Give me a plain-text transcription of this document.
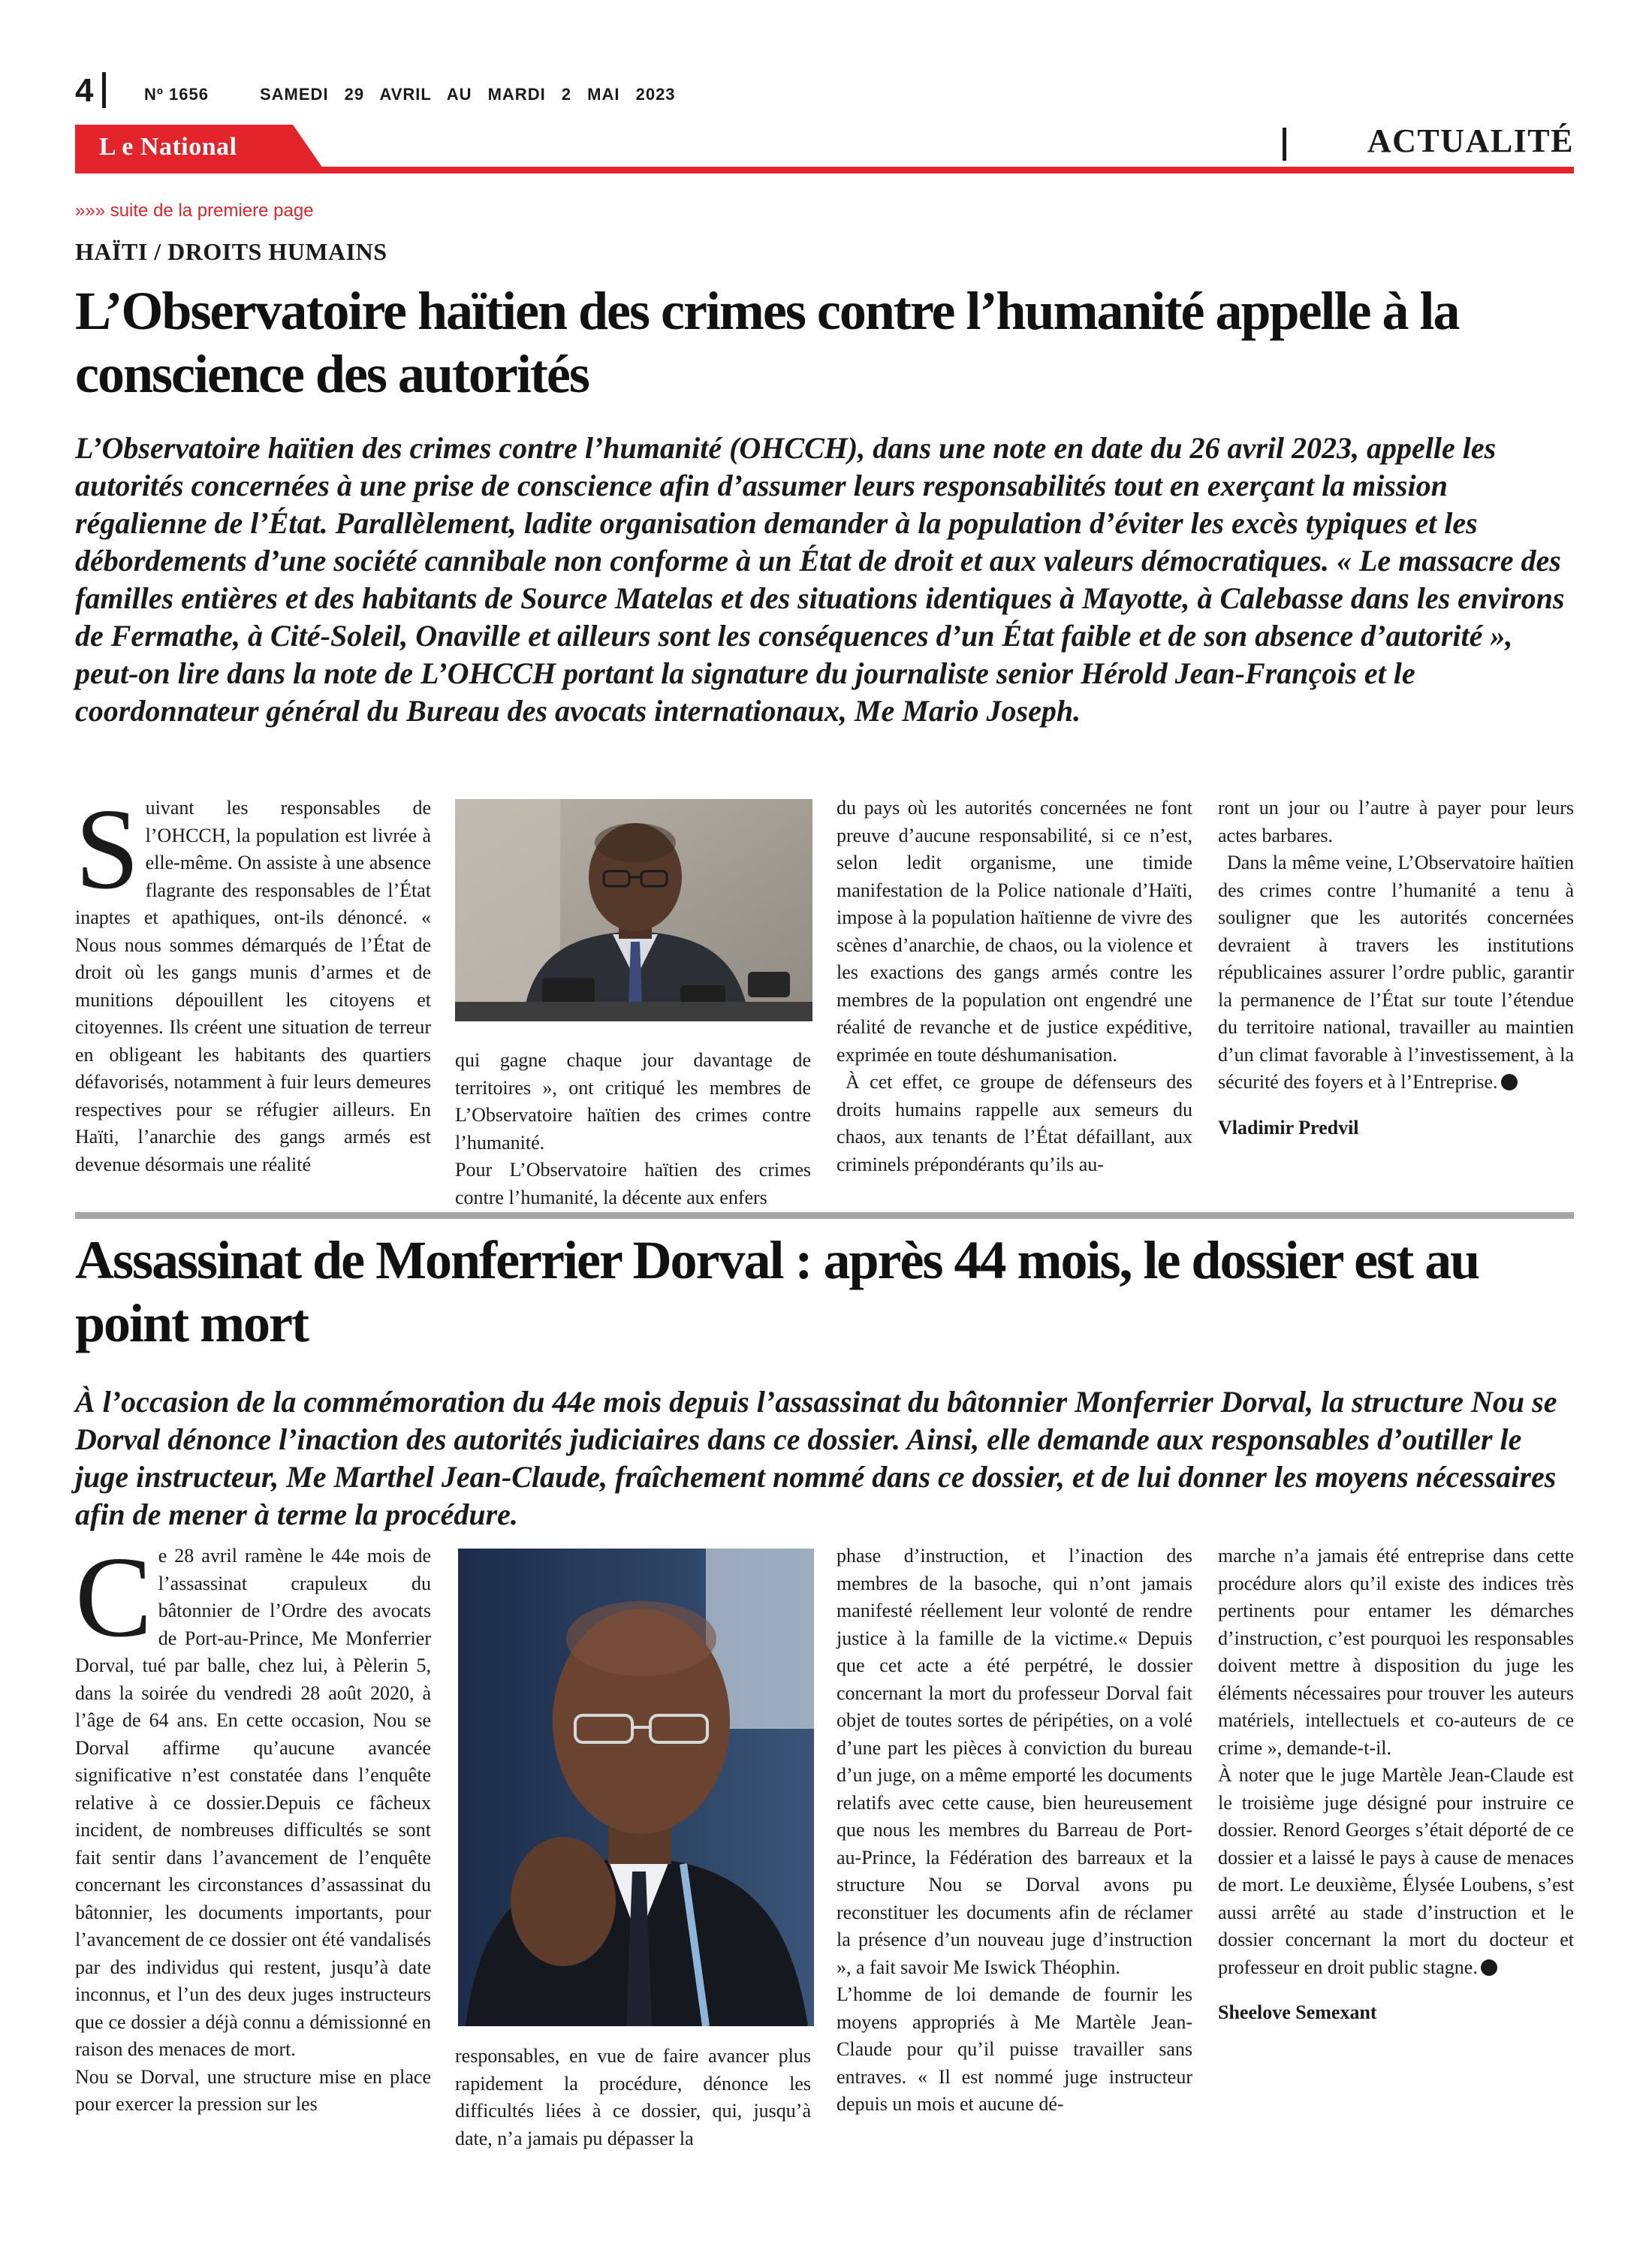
4	Nº 1656	SAMEDI 29 AVRIL AU MARDI 2 MAI 2023
L e National	ACTUALITÉ
»»» suite de la premiere page
HAÏTI / DROITS HUMAINS
L’Observatoire haïtien des crimes contre l’humanité appelle à la conscience des autorités
L’Observatoire haïtien des crimes contre l’humanité (OHCCH), dans une note en date du 26 avril 2023, appelle les autorités concernées à une prise de conscience afin d’assumer leurs responsabilités tout en exerçant la mission régalienne de l’État. Parallèlement, ladite organisation demander à la population d’éviter les excès typiques et les débordements d’une société cannibale non conforme à un État de droit et aux valeurs démocratiques. « Le massacre des familles entières et des habitants de Source Matelas et des situations identiques à Mayotte, à Calebasse dans les environs de Fermathe, à Cité-Soleil, Onaville et ailleurs sont les conséquences d’un État faible et de son absence d’autorité », peut-on lire dans la note de L’OHCCH portant la signature du journaliste senior Hérold Jean-François et le coordonnateur général du Bureau des avocats internationaux, Me Mario Joseph.

Suivant les responsables de l’OHCCH, la population est livrée à elle-même. On assiste à une absence flagrante des responsables de l’État inaptes et apathiques, ont-ils dénoncé. « Nous nous sommes démarqués de l’État de droit où les gangs munis d’armes et de munitions dépouillent les citoyens et citoyennes. Ils créent une situation de terreur en obligeant les habitants des quartiers défavorisés, notamment à fuir leurs demeures respectives pour se réfugier ailleurs. En Haïti, l’anarchie des gangs armés est devenue désormais une réalité

qui gagne chaque jour davantage de territoires », ont critiqué les membres de L’Observatoire haïtien des crimes contre l’humanité.

Pour L’Observatoire haïtien des crimes contre l’humanité, la décente aux enfers

du pays où les autorités concernées ne font preuve d’aucune responsabilité, si ce n’est, selon ledit organisme, une timide manifestation de la Police nationale d’Haïti, impose à la population haïtienne de vivre des scènes d’anarchie, de chaos, ou la violence et les exactions des gangs armés contre les membres de la population ont engendré une réalité de revanche et de justice expéditive, exprimée en toute déshumanisation.

À cet effet, ce groupe de défenseurs des droits humains rappelle aux semeurs du chaos, aux tenants de l’État défaillant, aux criminels prépondérants qu’ils au-

ront un jour ou l’autre à payer pour leurs actes barbares.

Dans la même veine, L’Observatoire haïtien des crimes contre l’humanité a tenu à souligner que les autorités concernées devraient à travers les institutions républicaines assurer l’ordre public, garantir la permanence de l’État sur toute l’étendue du territoire national, travailler au maintien d’un climat favorable à l’investissement, à la sécurité des foyers et à l’Entreprise.

Vladimir Predvil

Assassinat de Monferrier Dorval : après 44 mois, le dossier est au point mort
À l’occasion de la commémoration du 44e mois depuis l’assassinat du bâtonnier Monferrier Dorval, la structure Nou se Dorval dénonce l’inaction des autorités judiciaires dans ce dossier. Ainsi, elle demande aux responsables d’outiller le juge instructeur, Me Marthel Jean-Claude, fraîchement nommé dans ce dossier, et de lui donner les moyens nécessaires afin de mener à terme la procédure.

Ce 28 avril ramène le 44e mois de l’assassinat crapuleux du bâtonnier de l’Ordre des avocats de Port-au-Prince, Me Monferrier Dorval, tué par balle, chez lui, à Pèlerin 5, dans la soirée du vendredi 28 août 2020, à l’âge de 64 ans. En cette occasion, Nou se Dorval affirme qu’aucune avancée significative n’est constatée dans l’enquête relative à ce dossier.Depuis ce fâcheux incident, de nombreuses difficultés se sont fait sentir dans l’avancement de l’enquête concernant les circonstances d’assassinat du bâtonnier, les documents importants, pour l’avancement de ce dossier ont été vandalisés par des individus qui restent, jusqu’à date inconnus, et l’un des deux juges instructeurs que ce dossier a déjà connu a démissionné en raison des menaces de mort.

Nou se Dorval, une structure mise en place pour exercer la pression sur les

responsables, en vue de faire avancer plus rapidement la procédure, dénonce les difficultés liées à ce dossier, qui, jusqu’à date, n’a jamais pu dépasser la

phase d’instruction, et l’inaction des membres de la basoche, qui n’ont jamais manifesté réellement leur volonté de rendre justice à la famille de la victime.« Depuis que cet acte a été perpétré, le dossier concernant la mort du professeur Dorval fait objet de toutes sortes de péripéties, on a volé d’une part les pièces à conviction du bureau d’un juge, on a même emporté les documents relatifs avec cette cause, bien heureusement que nous les membres du Barreau de Port-au-Prince, la Fédération des barreaux et la structure Nou se Dorval avons pu reconstituer les documents afin de réclamer la présence d’un nouveau juge d’instruction », a fait savoir Me Iswick Théophin.

L’homme de loi demande de fournir les moyens appropriés à Me Martèle Jean-Claude pour qu’il puisse travailler sans entraves. « Il est nommé juge instructeur depuis un mois et aucune dé-

marche n’a jamais été entreprise dans cette procédure alors qu’il existe des indices très pertinents pour entamer les démarches d’instruction, c’est pourquoi les responsables doivent mettre à disposition du juge les éléments nécessaires pour trouver les auteurs matériels, intellectuels et co-auteurs de ce crime », demande-t-il.

À noter que le juge Martèle Jean-Claude est le troisième juge désigné pour instruire ce dossier. Renord Georges s’était déporté de ce dossier et a laissé le pays à cause de menaces de mort. Le deuxième, Élysée Loubens, s’est aussi arrêté au stade d’instruction et le dossier concernant la mort du docteur et professeur en droit public stagne.

Sheelove Semexant
